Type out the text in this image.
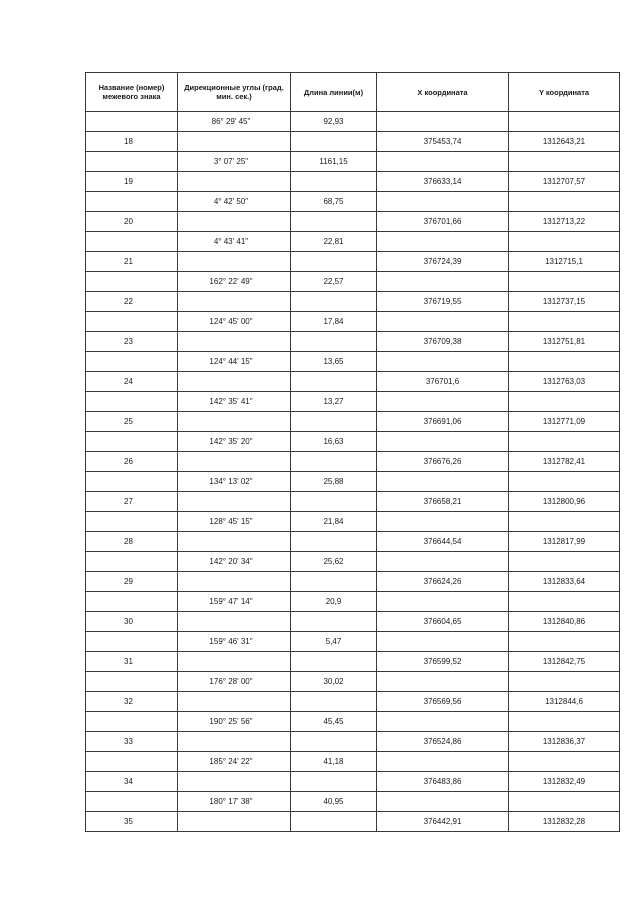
Название (номер) межевого знака	Дирекционные углы (град. мин. сек.)	Длина линии(м)	X координата	Y координата
	86° 29' 45"	92,93		
18			375453,74	1312643,21
	3° 07' 25"	1161,15		
19			376633,14	1312707,57
	4° 42' 50"	68,75		
20			376701,66	1312713,22
	4° 43' 41"	22,81		
21			376724,39	1312715,1
	162° 22' 49"	22,57		
22			376719,55	1312737,15
	124° 45' 00"	17,84		
23			376709,38	1312751,81
	124° 44' 15"	13,65		
24			376701,6	1312763,03
	142° 35' 41"	13,27		
25			376691,06	1312771,09
	142° 35' 20"	16,63		
26			376676,26	1312782,41
	134° 13' 02"	25,88		
27			376658,21	1312800,96
	128° 45' 15"	21,84		
28			376644,54	1312817,99
	142° 20' 34"	25,62		
29			376624,26	1312833,64
	159° 47' 14"	20,9		
30			376604,65	1312840,86
	159° 46' 31"	5,47		
31			376599,52	1312842,75
	176° 28' 00"	30,02		
32			376569,56	1312844,6
	190° 25' 56"	45,45		
33			376524,86	1312836,37
	185° 24' 22"	41,18		
34			376483,86	1312832,49
	180° 17' 38"	40,95		
35			376442,91	1312832,28
